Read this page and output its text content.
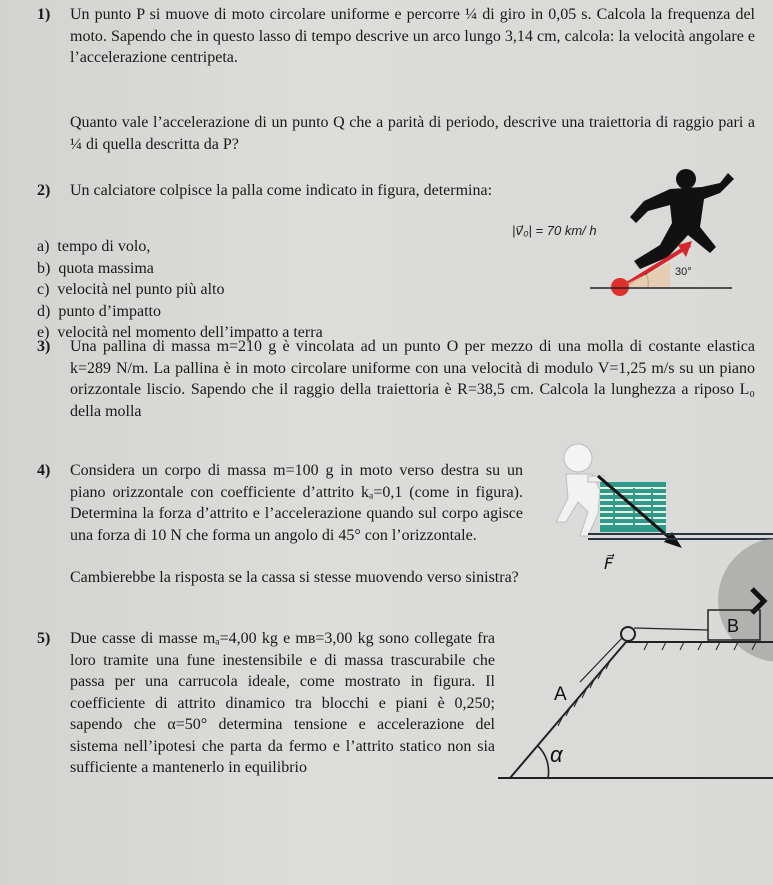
1) Un punto P si muove di moto circolare uniforme e percorre ¼ di giro in 0,05 s. Calcola la frequenza del moto. Sapendo che in questo lasso di tempo descrive un arco lungo 3,14 cm, calcola: la velocità angolare e l’accelerazione centripeta.
Quanto vale l’accelerazione di un punto Q che a parità di periodo, descrive una traiettoria di raggio pari a ¼ di quella descritta da P?
2) Un calciatore colpisce la palla come indicato in figura, determina:
a) tempo di volo,
b) quota massima
c) velocità nel punto più alto
d) punto d’impatto
e) velocità nel momento dell’impatto a terra
|v⃗₀| = 70 km/ h
30°
3) Una pallina di massa m=210 g è vincolata ad un punto O per mezzo di una molla di costante elastica k=289 N/m. La pallina è in moto circolare uniforme con una velocità di modulo V=1,25 m/s su un piano orizzontale liscio. Sapendo che il raggio della traiettoria è R=38,5 cm. Calcola la lunghezza a riposo L₀ della molla
4) Considera un corpo di massa m=100 g in moto verso destra su un piano orizzontale con coefficiente d’attrito kₐ=0,1 (come in figura). Determina la forza d’attrito e l’accelerazione quando sul corpo agisce una forza di 10 N che forma un angolo di 45° con l’orizzontale.
Cambierebbe la risposta se la cassa si stesse muovendo verso sinistra?
F⃗
5) Due casse di masse mₐ=4,00 kg e mʙ=3,00 kg sono collegate fra loro tramite una fune inestensibile e di massa trascurabile che passa per una carrucola ideale, come mostrato in figura. Il coefficiente di attrito dinamico tra blocchi e piani è 0,250; sapendo che α=50° determina tensione e accelerazione del sistema nell’ipotesi che parta da fermo e l’attrito statico non sia sufficiente a mantenerlo in equilibrio
B
A
α
